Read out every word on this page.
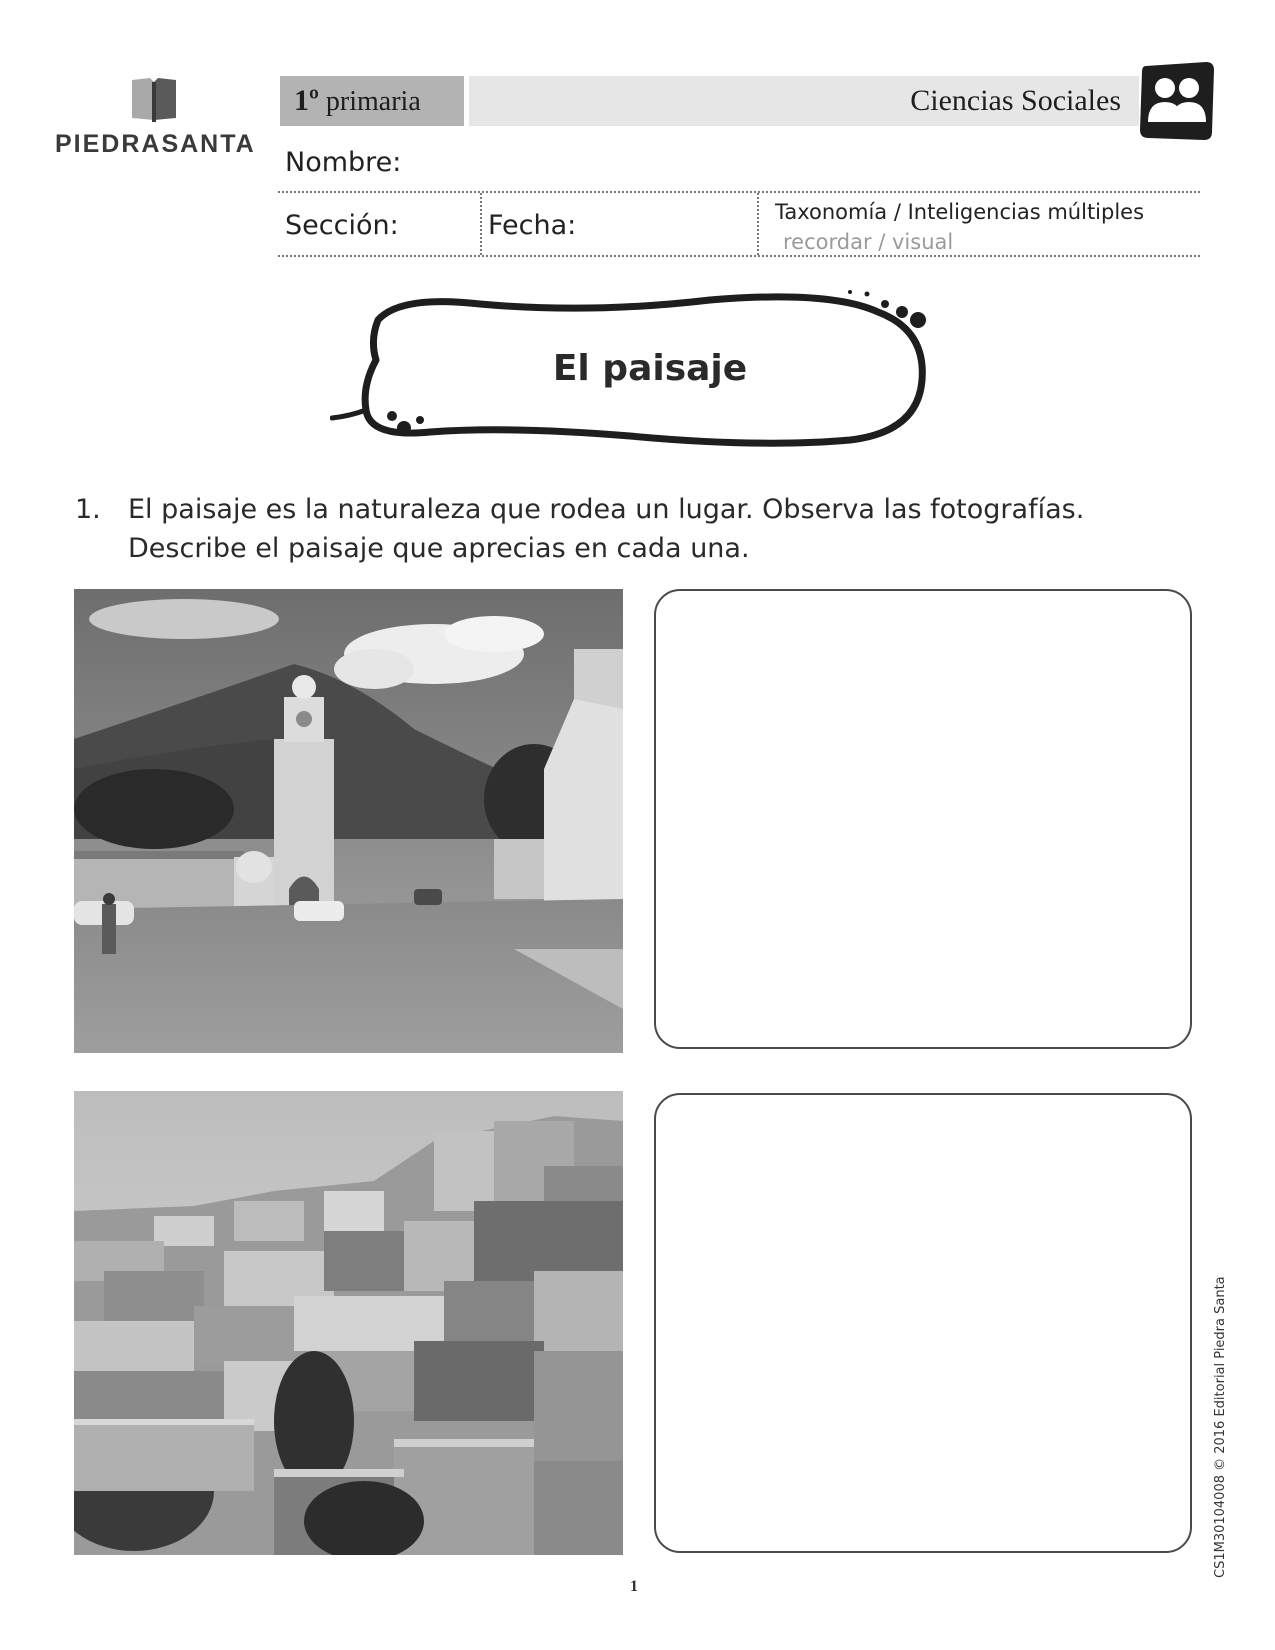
PIEDRASANTA
1º primaria	Ciencias Sociales
Nombre:
Sección:	Fecha:	Taxonomía / Inteligencias múltiples
recordar / visual
El paisaje
1. El paisaje es la naturaleza que rodea un lugar. Observa las fotografías.
Describe el paisaje que aprecias en cada una.
1
CS1M30104008 © 2016 Editorial Piedra Santa
